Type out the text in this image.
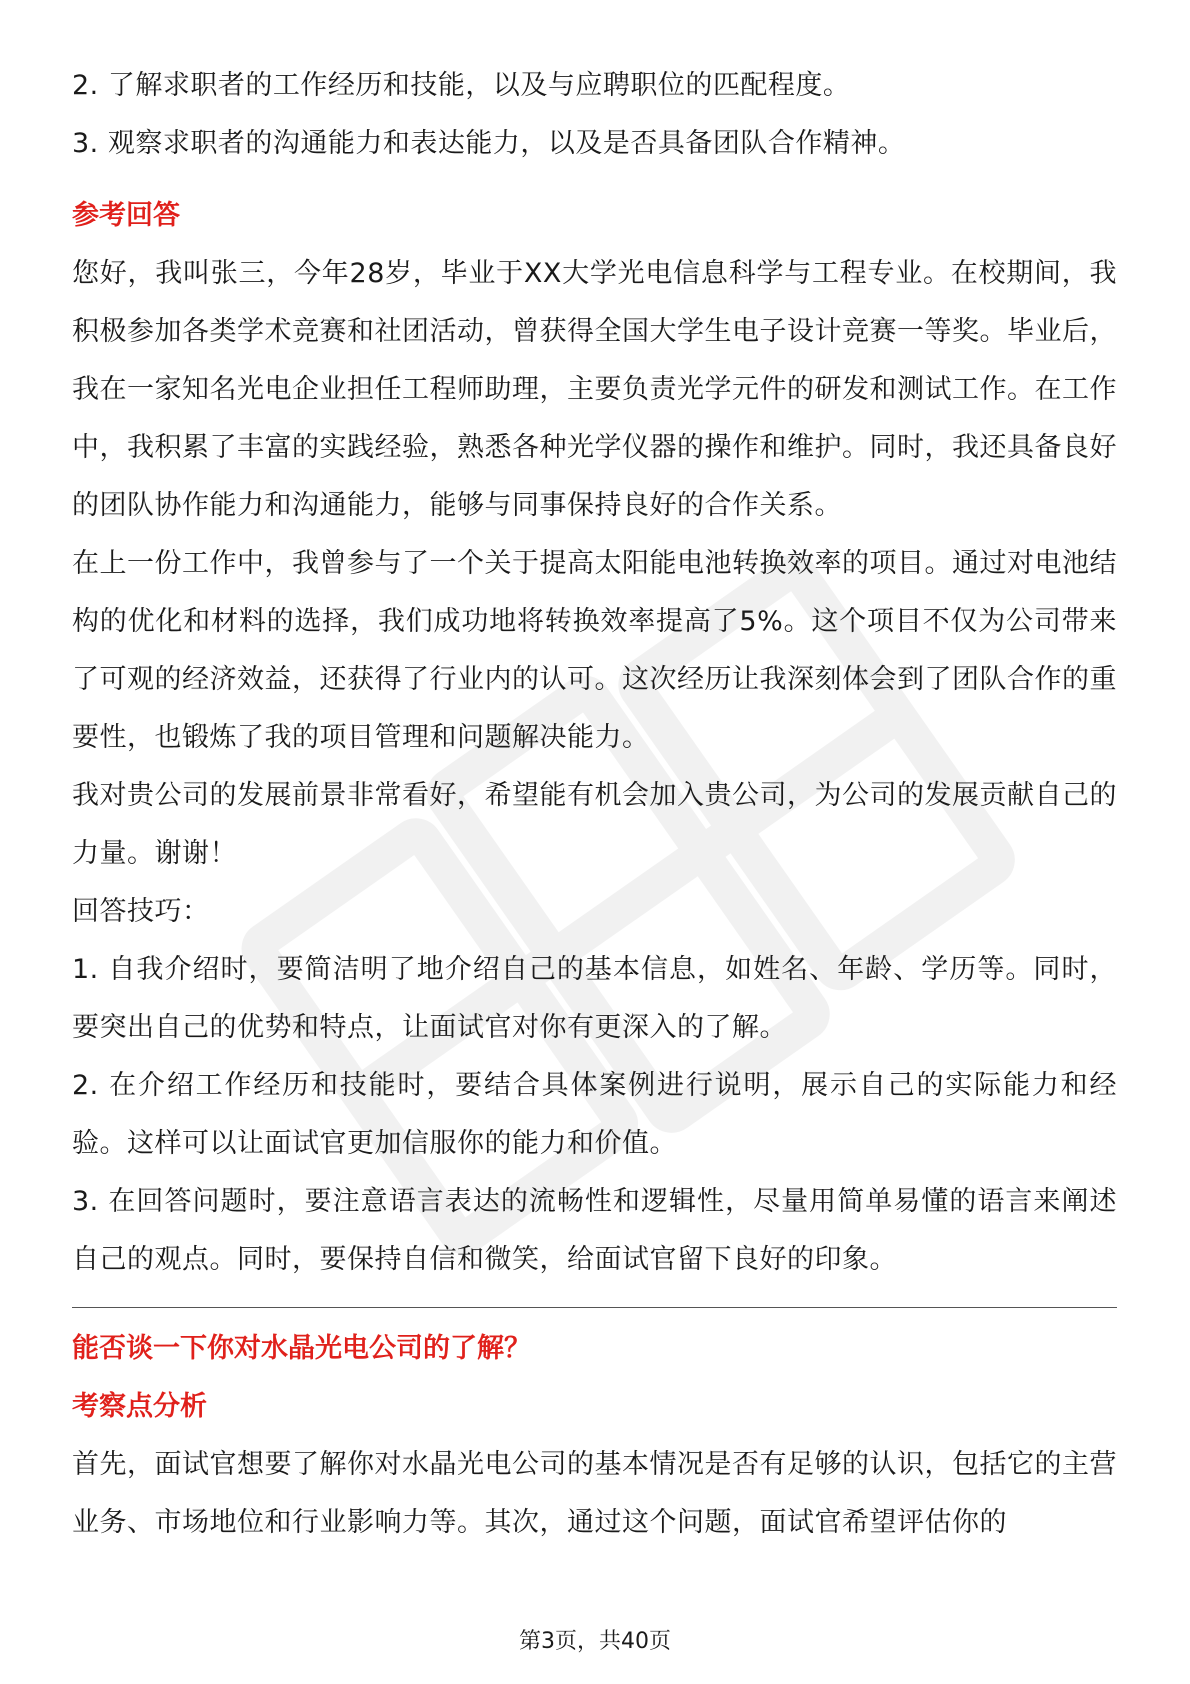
2. 了解求职者的工作经历和技能，以及与应聘职位的匹配程度。

3. 观察求职者的沟通能力和表达能力，以及是否具备团队合作精神。

参考回答

您好，我叫张三，今年28岁，毕业于XX大学光电信息科学与工程专业。在校期间，我积极参加各类学术竞赛和社团活动，曾获得全国大学生电子设计竞赛一等奖。毕业后，我在一家知名光电企业担任工程师助理，主要负责光学元件的研发和测试工作。在工作中，我积累了丰富的实践经验，熟悉各种光学仪器的操作和维护。同时，我还具备良好的团队协作能力和沟通能力，能够与同事保持良好的合作关系。

在上一份工作中，我曾参与了一个关于提高太阳能电池转换效率的项目。通过对电池结构的优化和材料的选择，我们成功地将转换效率提高了5%。这个项目不仅为公司带来了可观的经济效益，还获得了行业内的认可。这次经历让我深刻体会到了团队合作的重要性，也锻炼了我的项目管理和问题解决能力。

我对贵公司的发展前景非常看好，希望能有机会加入贵公司，为公司的发展贡献自己的力量。谢谢！

回答技巧：

1. 自我介绍时，要简洁明了地介绍自己的基本信息，如姓名、年龄、学历等。同时，要突出自己的优势和特点，让面试官对你有更深入的了解。

2. 在介绍工作经历和技能时，要结合具体案例进行说明，展示自己的实际能力和经验。这样可以让面试官更加信服你的能力和价值。

3. 在回答问题时，要注意语言表达的流畅性和逻辑性，尽量用简单易懂的语言来阐述自己的观点。同时，要保持自信和微笑，给面试官留下良好的印象。

能否谈一下你对水晶光电公司的了解？

考察点分析

首先，面试官想要了解你对水晶光电公司的基本情况是否有足够的认识，包括它的主营业务、市场地位和行业影响力等。其次，通过这个问题，面试官希望评估你的

第3页，共40页
